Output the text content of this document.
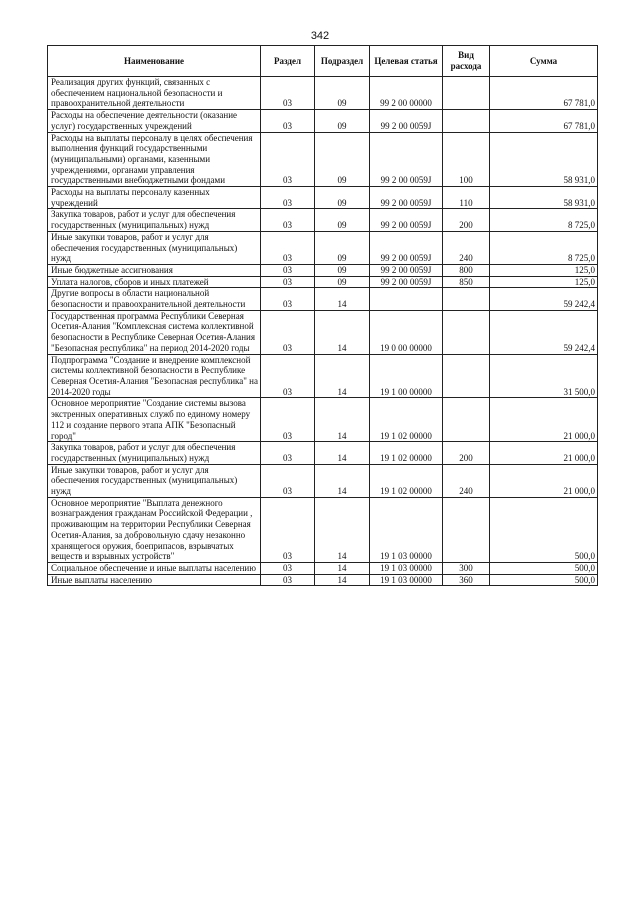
342
Наименование	Раздел	Подраздел	Целевая статья	Вид расхода	Сумма
Реализация других функций, связанных с обеспечением национальной безопасности и правоохранительной деятельности	03	09	99 2 00 00000		67 781,0
Расходы на обеспечение деятельности (оказание услуг) государственных учреждений	03	09	99 2 00 0059J		67 781,0
Расходы на выплаты персоналу в целях обеспечения выполнения функций государственными (муниципальными) органами, казенными учреждениями, органами управления государственными внебюджетными фондами	03	09	99 2 00 0059J	100	58 931,0
Расходы на выплаты персоналу казенных учреждений	03	09	99 2 00 0059J	110	58 931,0
Закупка товаров, работ и услуг для обеспечения государственных (муниципальных) нужд	03	09	99 2 00 0059J	200	8 725,0
Иные закупки товаров, работ и услуг для обеспечения государственных (муниципальных) нужд	03	09	99 2 00 0059J	240	8 725,0
Иные бюджетные ассигнования	03	09	99 2 00 0059J	800	125,0
Уплата налогов, сборов и иных платежей	03	09	99 2 00 0059J	850	125,0
Другие вопросы в области национальной безопасности и правоохранительной деятельности	03	14			59 242,4
Государственная программа Республики Северная Осетия-Алания "Комплексная система коллективной безопасности в Республике Северная Осетия-Алания "Безопасная республика" на период 2014-2020 годы	03	14	19 0 00 00000		59 242,4
Подпрограмма "Создание и внедрение комплексной системы коллективной безопасности в Республике Северная Осетия-Алания "Безопасная республика" на 2014-2020 годы	03	14	19 1 00 00000		31 500,0
Основное мероприятие "Создание системы вызова экстренных оперативных служб по единому номеру 112 и создание первого этапа АПК "Безопасный город"	03	14	19 1 02 00000		21 000,0
Закупка товаров, работ и услуг для обеспечения государственных (муниципальных) нужд	03	14	19 1 02 00000	200	21 000,0
Иные закупки товаров, работ и услуг для обеспечения государственных (муниципальных) нужд	03	14	19 1 02 00000	240	21 000,0
Основное мероприятие "Выплата денежного вознаграждения гражданам Российской Федерации , проживающим на территории Республики Северная Осетия-Алания, за добровольную сдачу незаконно хранящегося оружия, боеприпасов, взрывчатых веществ и взрывных устройств"	03	14	19 1 03 00000		500,0
Социальное обеспечение и иные выплаты населению	03	14	19 1 03 00000	300	500,0
Иные выплаты населению	03	14	19 1 03 00000	360	500,0
